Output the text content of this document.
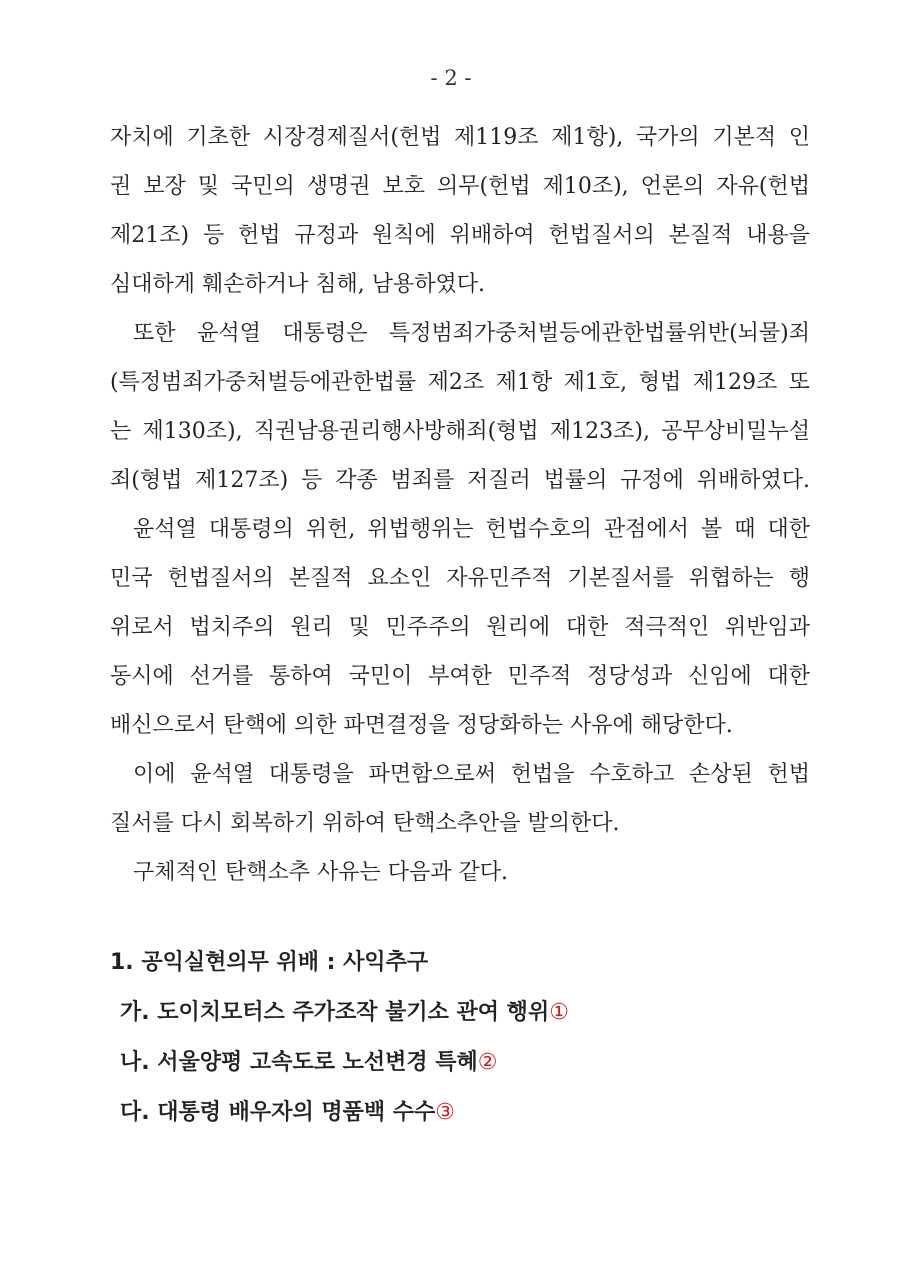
- 2 -
자치에 기초한 시장경제질서(헌법 제119조 제1항), 국가의 기본적 인
권 보장 및 국민의 생명권 보호 의무(헌법 제10조), 언론의 자유(헌법
제21조) 등 헌법 규정과 원칙에 위배하여 헌법질서의 본질적 내용을
심대하게 훼손하거나 침해, 남용하였다.
또한 윤석열 대통령은 특정범죄가중처벌등에관한법률위반(뇌물)죄
(특정범죄가중처벌등에관한법률 제2조 제1항 제1호, 형법 제129조 또
는 제130조), 직권남용권리행사방해죄(형법 제123조), 공무상비밀누설
죄(형법 제127조) 등 각종 범죄를 저질러 법률의 규정에 위배하였다.
윤석열 대통령의 위헌, 위법행위는 헌법수호의 관점에서 볼 때 대한
민국 헌법질서의 본질적 요소인 자유민주적 기본질서를 위협하는 행
위로서 법치주의 원리 및 민주주의 원리에 대한 적극적인 위반임과
동시에 선거를 통하여 국민이 부여한 민주적 정당성과 신임에 대한
배신으로서 탄핵에 의한 파면결정을 정당화하는 사유에 해당한다.
이에 윤석열 대통령을 파면함으로써 헌법을 수호하고 손상된 헌법
질서를 다시 회복하기 위하여 탄핵소추안을 발의한다.
구체적인 탄핵소추 사유는 다음과 같다.
1. 공익실현의무 위배 : 사익추구
가. 도이치모터스 주가조작 불기소 관여 행위①
나. 서울양평 고속도로 노선변경 특혜②
다. 대통령 배우자의 명품백 수수③
